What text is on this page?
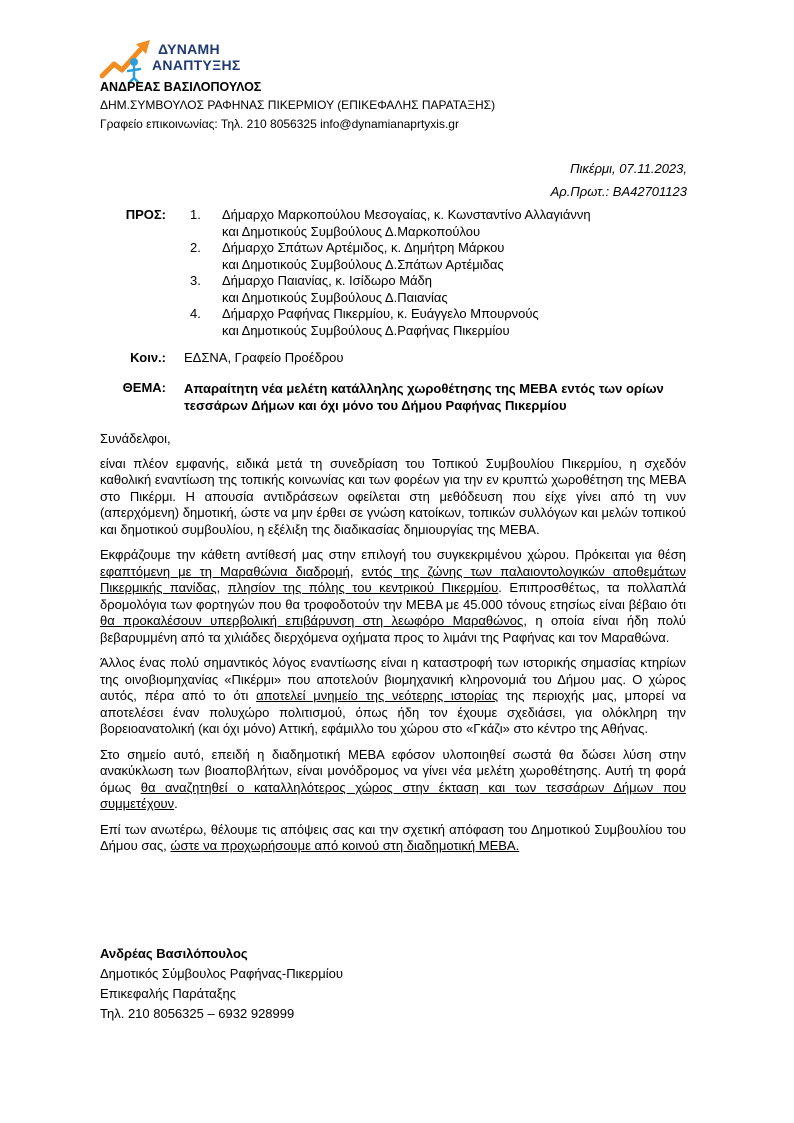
ΔΥΝΑΜΗ
ΑΝΑΠΤΥΞΗΣ
ΑΝΔΡΕΑΣ ΒΑΣΙΛΟΠΟΥΛΟΣ
ΔΗΜ.ΣΥΜΒΟΥΛΟΣ ΡΑΦΗΝΑΣ ΠΙΚΕΡΜΙΟΥ (ΕΠΙΚΕΦΑΛΗΣ ΠΑΡΑΤΑΞΗΣ)
Γραφείο επικοινωνίας: Τηλ. 210 8056325 info@dynamianaprtyxis.gr
Πικέρμι, 07.11.2023,
Αρ.Πρωτ.: ΒΑ42701123
ΠΡΟΣ: 1.	Δήμαρχο Μαρκοπούλου Μεσογαίας, κ. Κωνσταντίνο Αλλαγιάννη
και Δημοτικούς Συμβούλους Δ.Μαρκοπούλου
2.	Δήμαρχο Σπάτων Αρτέμιδος, κ. Δημήτρη Μάρκου
και Δημοτικούς Συμβούλους Δ.Σπάτων Αρτέμιδας
3.	Δήμαρχο Παιανίας, κ. Ισίδωρο Μάδη
και Δημοτικούς Συμβούλους Δ.Παιανίας
4.	Δήμαρχο Ραφήνας Πικερμίου, κ. Ευάγγελο Μπουρνούς
και Δημοτικούς Συμβούλους Δ.Ραφήνας Πικερμίου
Κοιν.: ΕΔΣΝΑ, Γραφείο Προέδρου
ΘΕΜΑ: Απαραίτητη νέα μελέτη κατάλληλης χωροθέτησης της ΜΕΒΑ εντός των ορίων τεσσάρων Δήμων και όχι μόνο του Δήμου Ραφήνας Πικερμίου

Συνάδελφοι,

είναι πλέον εμφανής, ειδικά μετά τη συνεδρίαση του Τοπικού Συμβουλίου Πικερμίου, η σχεδόν καθολική εναντίωση της τοπικής κοινωνίας και των φορέων για την εν κρυπτώ χωροθέτηση της ΜΕΒΑ στο Πικέρμι. Η απουσία αντιδράσεων οφείλεται στη μεθόδευση που είχε γίνει από τη νυν (απερχόμενη) δημοτική, ώστε να μην έρθει σε γνώση κατοίκων, τοπικών συλλόγων και μελών τοπικού και δημοτικού συμβουλίου, η εξέλιξη της διαδικασίας δημιουργίας της ΜΕΒΑ.

Εκφράζουμε την κάθετη αντίθεσή μας στην επιλογή του συγκεκριμένου χώρου. Πρόκειται για θέση εφαπτόμενη με τη Μαραθώνια διαδρομή, εντός της ζώνης των παλαιοντολογικών αποθεμάτων Πικερμικής πανίδας, πλησίον της πόλης του κεντρικού Πικερμίου. Επιπροσθέτως, τα πολλαπλά δρομολόγια των φορτηγών που θα τροφοδοτούν την ΜΕΒΑ με 45.000 τόνους ετησίως είναι βέβαιο ότι θα προκαλέσουν υπερβολική επιβάρυνση στη λεωφόρο Μαραθώνος, η οποία είναι ήδη πολύ βεβαρυμμένη από τα χιλιάδες διερχόμενα οχήματα προς το λιμάνι της Ραφήνας και τον Μαραθώνα.

Άλλος ένας πολύ σημαντικός λόγος εναντίωσης είναι η καταστροφή των ιστορικής σημασίας κτηρίων της οινοβιομηχανίας «Πικέρμι» που αποτελούν βιομηχανική κληρονομιά του Δήμου μας. Ο χώρος αυτός, πέρα από το ότι αποτελεί μνημείο της νεότερης ιστορίας της περιοχής μας, μπορεί να αποτελέσει έναν πολυχώρο πολιτισμού, όπως ήδη τον έχουμε σχεδιάσει, για ολόκληρη την βορειοανατολική (και όχι μόνο) Αττική, εφάμιλλο του χώρου στο «Γκάζι» στο κέντρο της Αθήνας.

Στο σημείο αυτό, επειδή η διαδημοτική ΜΕΒΑ εφόσον υλοποιηθεί σωστά θα δώσει λύση στην ανακύκλωση των βιοαποβλήτων, είναι μονόδρομος να γίνει νέα μελέτη χωροθέτησης. Αυτή τη φορά όμως θα αναζητηθεί ο καταλληλότερος χώρος στην έκταση και των τεσσάρων Δήμων που συμμετέχουν.

Επί των ανωτέρω, θέλουμε τις απόψεις σας και την σχετική απόφαση του Δημοτικού Συμβουλίου του Δήμου σας, ώστε να προχωρήσουμε από κοινού στη διαδημοτική ΜΕΒΑ.

Ανδρέας Βασιλόπουλος
Δημοτικός Σύμβουλος Ραφήνας-Πικερμίου
Επικεφαλής Παράταξης
Τηλ. 210 8056325 – 6932 928999
